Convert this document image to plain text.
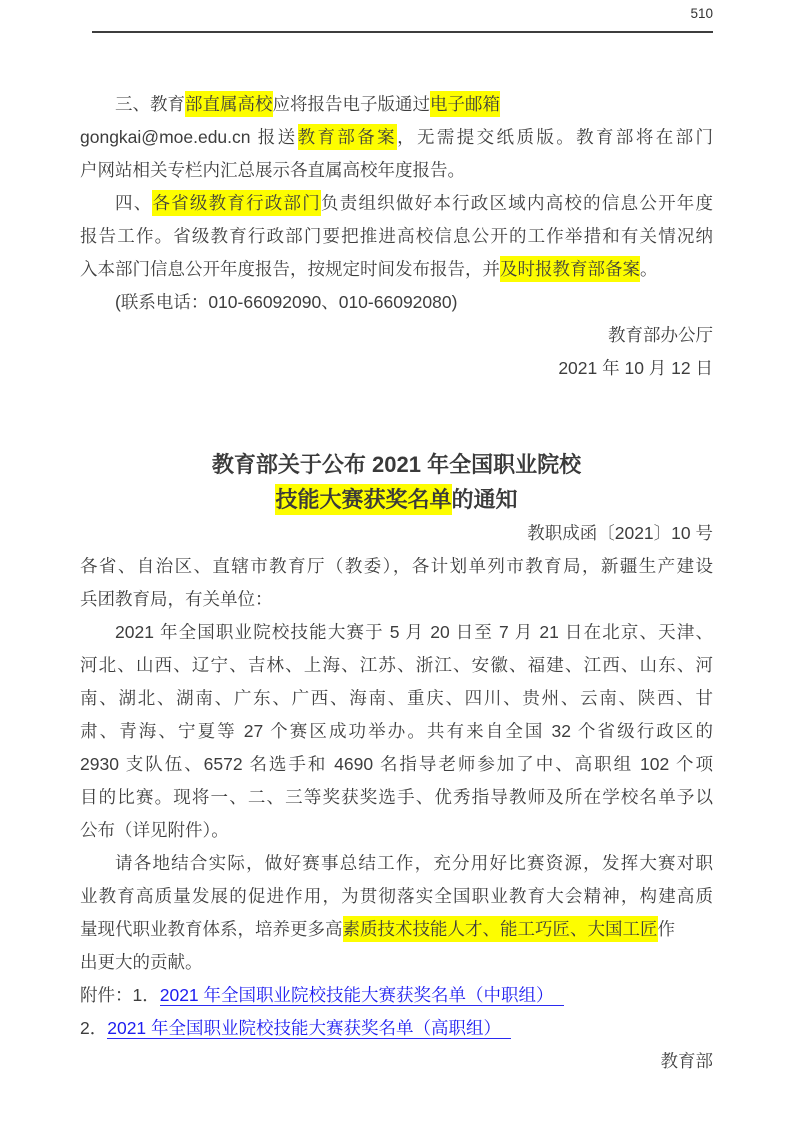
510

三、教育部直属高校应将报告电子版通过电子邮箱

gongkai@moe.edu.cn 报送教育部备案，无需提交纸质版。教育部将在部门

户网站相关专栏内汇总展示各直属高校年度报告。

四、各省级教育行政部门负责组织做好本行政区域内高校的信息公开年度

报告工作。省级教育行政部门要把推进高校信息公开的工作举措和有关情况纳

入本部门信息公开年度报告，按规定时间发布报告，并及时报教育部备案。

(联系电话：010-66092090、010-66092080)

教育部办公厅

2021 年 10 月 12 日

教育部关于公布 2021 年全国职业院校

技能大赛获奖名单的通知

教职成函〔2021〕10 号

各省、自治区、直辖市教育厅（教委），各计划单列市教育局，新疆生产建设

兵团教育局，有关单位：

2021 年全国职业院校技能大赛于 5 月 20 日至 7 月 21 日在北京、天津、

河北、山西、辽宁、吉林、上海、江苏、浙江、安徽、福建、江西、山东、河

南、湖北、湖南、广东、广西、海南、重庆、四川、贵州、云南、陕西、甘

肃、青海、宁夏等 27 个赛区成功举办。共有来自全国 32 个省级行政区的

2930 支队伍、6572 名选手和 4690 名指导老师参加了中、高职组 102 个项

目的比赛。现将一、二、三等奖获奖选手、优秀指导教师及所在学校名单予以

公布（详见附件）。

请各地结合实际，做好赛事总结工作，充分用好比赛资源，发挥大赛对职

业教育高质量发展的促进作用，为贯彻落实全国职业教育大会精神，构建高质

量现代职业教育体系，培养更多高素质技术技能人才、能工巧匠、大国工匠作

出更大的贡献。

附件：1．2021 年全国职业院校技能大赛获奖名单（中职组）

2．2021 年全国职业院校技能大赛获奖名单（高职组）

教育部
